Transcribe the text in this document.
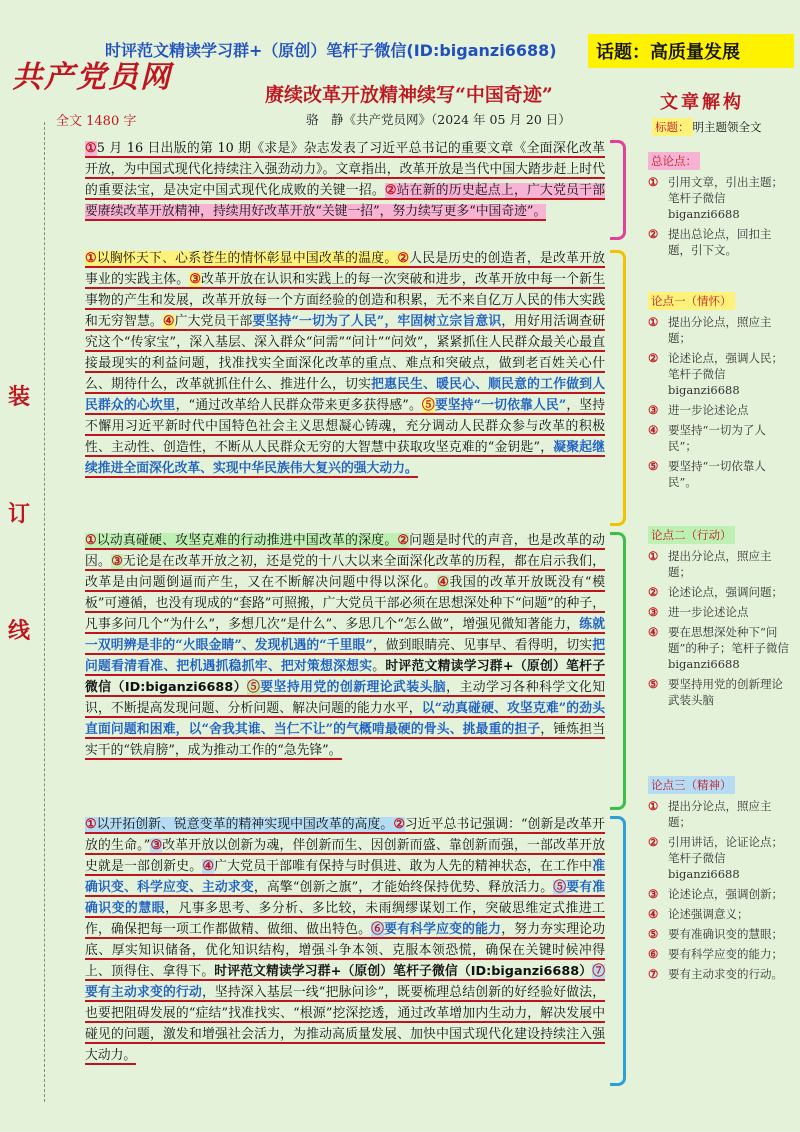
时评范文精读学习群+（原创）笔杆子微信(ID:biganzi6688)	话题：高质量发展
共产党员网	赓续改革开放精神续写“中国奇迹”
全文 1480 字	骆　静《共产党员网》（2024 年 05 月 20 日）
装
订
线
①5 月 16 日出版的第 10 期《求是》杂志发表了习近平总书记的重要文章《全面深化改革开放，为中国式现代化持续注入强劲动力》。文章指出，改革开放是当代中国大踏步赶上时代的重要法宝，是决定中国式现代化成败的关键一招。②站在新的历史起点上，广大党员干部要赓续改革开放精神，持续用好改革开放“关键一招”，努力续写更多“中国奇迹”。
①以胸怀天下、心系苍生的情怀彰显中国改革的温度。②人民是历史的创造者，是改革开放事业的实践主体。③改革开放在认识和实践上的每一次突破和进步，改革开放中每一个新生事物的产生和发展，改革开放每一个方面经验的创造和积累，无不来自亿万人民的伟大实践和无穷智慧。④广大党员干部要坚持“一切为了人民”，牢固树立宗旨意识，用好用活调查研究这个“传家宝”，深入基层、深入群众“问需”“问计”“问效”，紧紧抓住人民群众最关心最直接最现实的利益问题，找准找实全面深化改革的重点、难点和突破点，做到老百姓关心什么、期待什么，改革就抓住什么、推进什么，切实把惠民生、暖民心、顺民意的工作做到人民群众的心坎里，“通过改革给人民群众带来更多获得感”。⑤要坚持“一切依靠人民”，坚持不懈用习近平新时代中国特色社会主义思想凝心铸魂，充分调动人民群众参与改革的积极性、主动性、创造性，不断从人民群众无穷的大智慧中获取攻坚克难的“金钥匙”，凝聚起继续推进全面深化改革、实现中华民族伟大复兴的强大动力。
①以动真碰硬、攻坚克难的行动推进中国改革的深度。②问题是时代的声音，也是改革的动因。③无论是在改革开放之初，还是党的十八大以来全面深化改革的历程，都在启示我们，改革是由问题倒逼而产生，又在不断解决问题中得以深化。④我国的改革开放既没有“模板”可遵循，也没有现成的“套路”可照搬，广大党员干部必须在思想深处种下“问题”的种子，凡事多问几个“为什么”，多想几次“是什么”、多思几个“怎么做”，增强见微知著能力，练就一双明辨是非的“火眼金睛”、发现机遇的“千里眼”，做到眼睛亮、见事早、看得明，切实把问题看清看准、把机遇抓稳抓牢、把对策想深想实。时评范文精读学习群+（原创）笔杆子微信（ID:biganzi6688）⑤要坚持用党的创新理论武装头脑，主动学习各种科学文化知识，不断提高发现问题、分析问题、解决问题的能力水平，以“动真碰硬、攻坚克难”的劲头直面问题和困难，以“舍我其谁、当仁不让”的气概啃最硬的骨头、挑最重的担子，锤炼担当实干的“铁肩膀”，成为推动工作的“急先锋”。
①以开拓创新、锐意变革的精神实现中国改革的高度。②习近平总书记强调：“创新是改革开放的生命。”③改革开放以创新为魂，伴创新而生、因创新而盛、靠创新而强，一部改革开放史就是一部创新史。④广大党员干部唯有保持与时俱进、敢为人先的精神状态，在工作中准确识变、科学应变、主动求变，高擎“创新之旗”，才能始终保持优势、释放活力。⑤要有准确识变的慧眼，凡事多思考、多分析、多比较，未雨绸缪谋划工作，突破思维定式推进工作，确保把每一项工作都做精、做细、做出特色。⑥要有科学应变的能力，努力夯实理论功底、厚实知识储备，优化知识结构，增强斗争本领、克服本领恐慌，确保在关键时候冲得上、顶得住、拿得下。时评范文精读学习群+（原创）笔杆子微信（ID:biganzi6688）⑦要有主动求变的行动，坚持深入基层一线“把脉问诊”，既要梳理总结创新的好经验好做法，也要把阻碍发展的“症结”找准找实、“根源”挖深挖透，通过改革增加内生动力，解决发展中碰见的问题，激发和增强社会活力，为推动高质量发展、加快中国式现代化建设持续注入强大动力。
文章解构
标题： 明主题领全文
总论点：
① 引用文章，引出主题；笔杆子微信 biganzi6688
② 提出总论点，回扣主题，引下文。
论点一（情怀）
① 提出分论点，照应主题；
② 论述论点，强调人民；笔杆子微信 biganzi6688
③ 进一步论述论点
④ 要坚持“一切为了人民”；
⑤ 要坚持“一切依靠人民”。
论点二（行动）
① 提出分论点，照应主题；
② 论述论点，强调问题；
③ 进一步论述论点
④ 要在思想深处种下“问题”的种子；笔杆子微信 biganzi6688
⑤ 要坚持用党的创新理论武装头脑
论点三（精神）
① 提出分论点，照应主题；
② 引用讲话，论证论点；笔杆子微信 biganzi6688
③ 论述论点，强调创新；
④ 论述强调意义；
⑤ 要有准确识变的慧眼；
⑥ 要有科学应变的能力；
⑦ 要有主动求变的行动。
